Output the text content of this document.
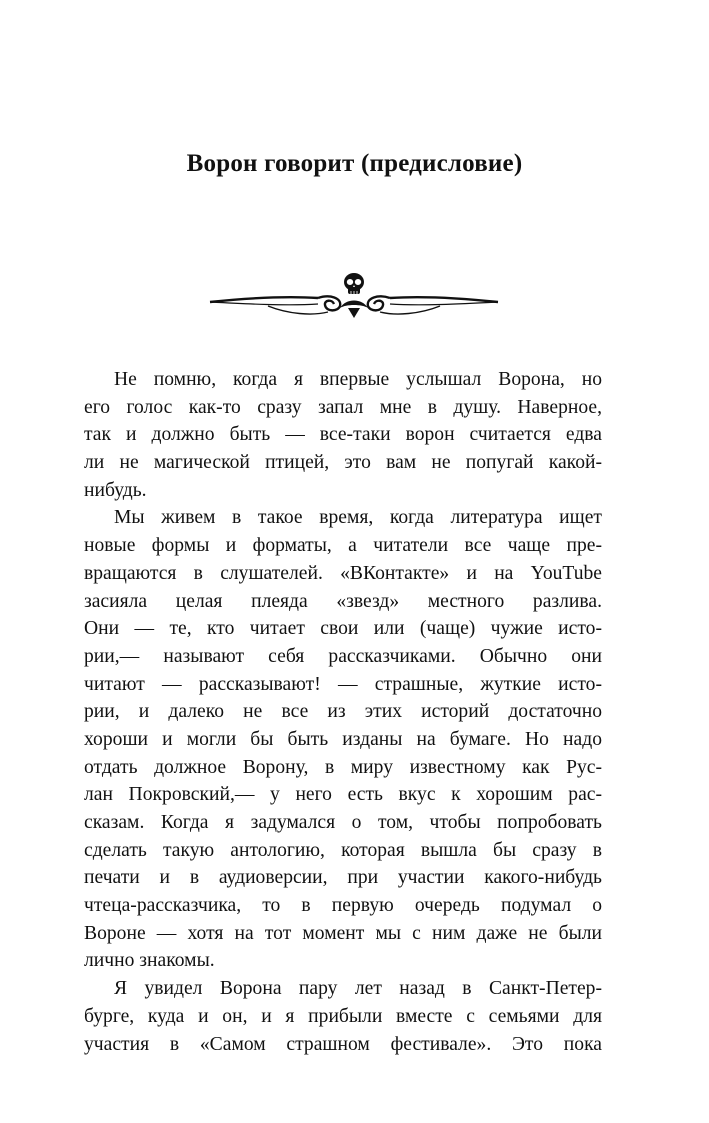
Ворон говорит (предисловие)
Не помню, когда я впервые услышал Ворона, но
его голос как-то сразу запал мне в душу. Наверное,
так и должно быть — все-таки ворон считается едва
ли не магической птицей, это вам не попугай какой-
нибудь.
Мы живем в такое время, когда литература ищет
новые формы и форматы, а читатели все чаще пре-
вращаются в слушателей. «ВКонтакте» и на YouTube
засияла целая плеяда «звезд» местного разлива.
Они — те, кто читает свои или (чаще) чужие исто-
рии,— называют себя рассказчиками. Обычно они
читают — рассказывают! — страшные, жуткие исто-
рии, и далеко не все из этих историй достаточно
хороши и могли бы быть изданы на бумаге. Но надо
отдать должное Ворону, в миру известному как Рус-
лан Покровский,— у него есть вкус к хорошим рас-
сказам. Когда я задумался о том, чтобы попробовать
сделать такую антологию, которая вышла бы сразу в
печати и в аудиоверсии, при участии какого-нибудь
чтеца-рассказчика, то в первую очередь подумал о
Вороне — хотя на тот момент мы с ним даже не были
лично знакомы.
Я увидел Ворона пару лет назад в Санкт-Петер-
бурге, куда и он, и я прибыли вместе с семьями для
участия в «Самом страшном фестивале». Это пока
